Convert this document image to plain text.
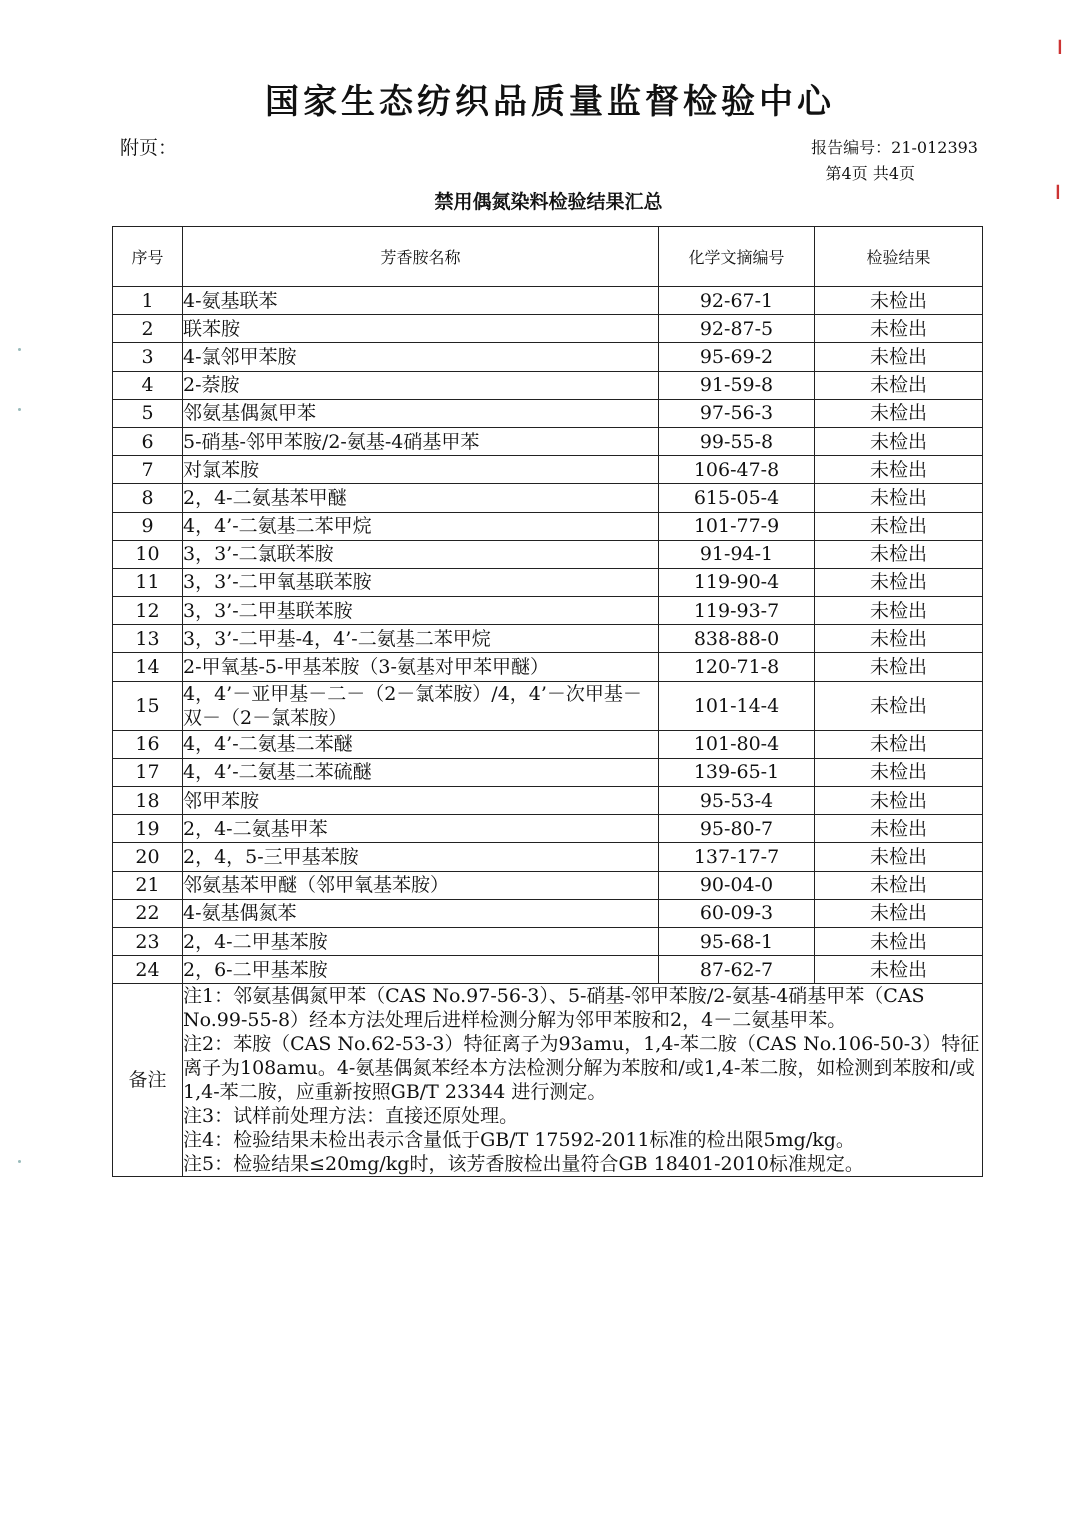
国家生态纺织品质量监督检验中心
附页：	报告编号：21-012393
第4页 共4页
禁用偶氮染料检验结果汇总
序号	芳香胺名称	化学文摘编号	检验结果
1	4-氨基联苯	92-67-1	未检出
2	联苯胺	92-87-5	未检出
3	4-氯邻甲苯胺	95-69-2	未检出
4	2-萘胺	91-59-8	未检出
5	邻氨基偶氮甲苯	97-56-3	未检出
6	5-硝基-邻甲苯胺/2-氨基-4硝基甲苯	99-55-8	未检出
7	对氯苯胺	106-47-8	未检出
8	2，4-二氨基苯甲醚	615-05-4	未检出
9	4，4’-二氨基二苯甲烷	101-77-9	未检出
10	3，3’-二氯联苯胺	91-94-1	未检出
11	3，3’-二甲氧基联苯胺	119-90-4	未检出
12	3，3’-二甲基联苯胺	119-93-7	未检出
13	3，3’-二甲基-4，4’-二氨基二苯甲烷	838-88-0	未检出
14	2-甲氧基-5-甲基苯胺（3-氨基对甲苯甲醚）	120-71-8	未检出
15	4，4’－亚甲基－二－（2－氯苯胺）/4，4’－次甲基－双－（2－氯苯胺）	101-14-4	未检出
16	4，4’-二氨基二苯醚	101-80-4	未检出
17	4，4’-二氨基二苯硫醚	139-65-1	未检出
18	邻甲苯胺	95-53-4	未检出
19	2，4-二氨基甲苯	95-80-7	未检出
20	2，4，5-三甲基苯胺	137-17-7	未检出
21	邻氨基苯甲醚（邻甲氧基苯胺）	90-04-0	未检出
22	4-氨基偶氮苯	60-09-3	未检出
23	2，4-二甲基苯胺	95-68-1	未检出
24	2，6-二甲基苯胺	87-62-7	未检出
备注	注1：邻氨基偶氮甲苯（CAS No.97-56-3）、5-硝基-邻甲苯胺/2-氨基-4硝基甲苯（CAS No.99-55-8）经本方法处理后进样检测分解为邻甲苯胺和2，4－二氨基甲苯。

注2：苯胺（CAS No.62-53-3）特征离子为93amu，1,4-苯二胺（CAS No.106-50-3）特征离子为108amu。4-氨基偶氮苯经本方法检测分解为苯胺和/或1,4-苯二胺，如检测到苯胺和/或1,4-苯二胺，应重新按照GB/T 23344 进行测定。

注3：试样前处理方法：直接还原处理。

注4：检验结果未检出表示含量低于GB/T 17592-2011标准的检出限5mg/kg。

注5：检验结果≤20mg/kg时，该芳香胺检出量符合GB 18401-2010标准规定。		

▎
▎
